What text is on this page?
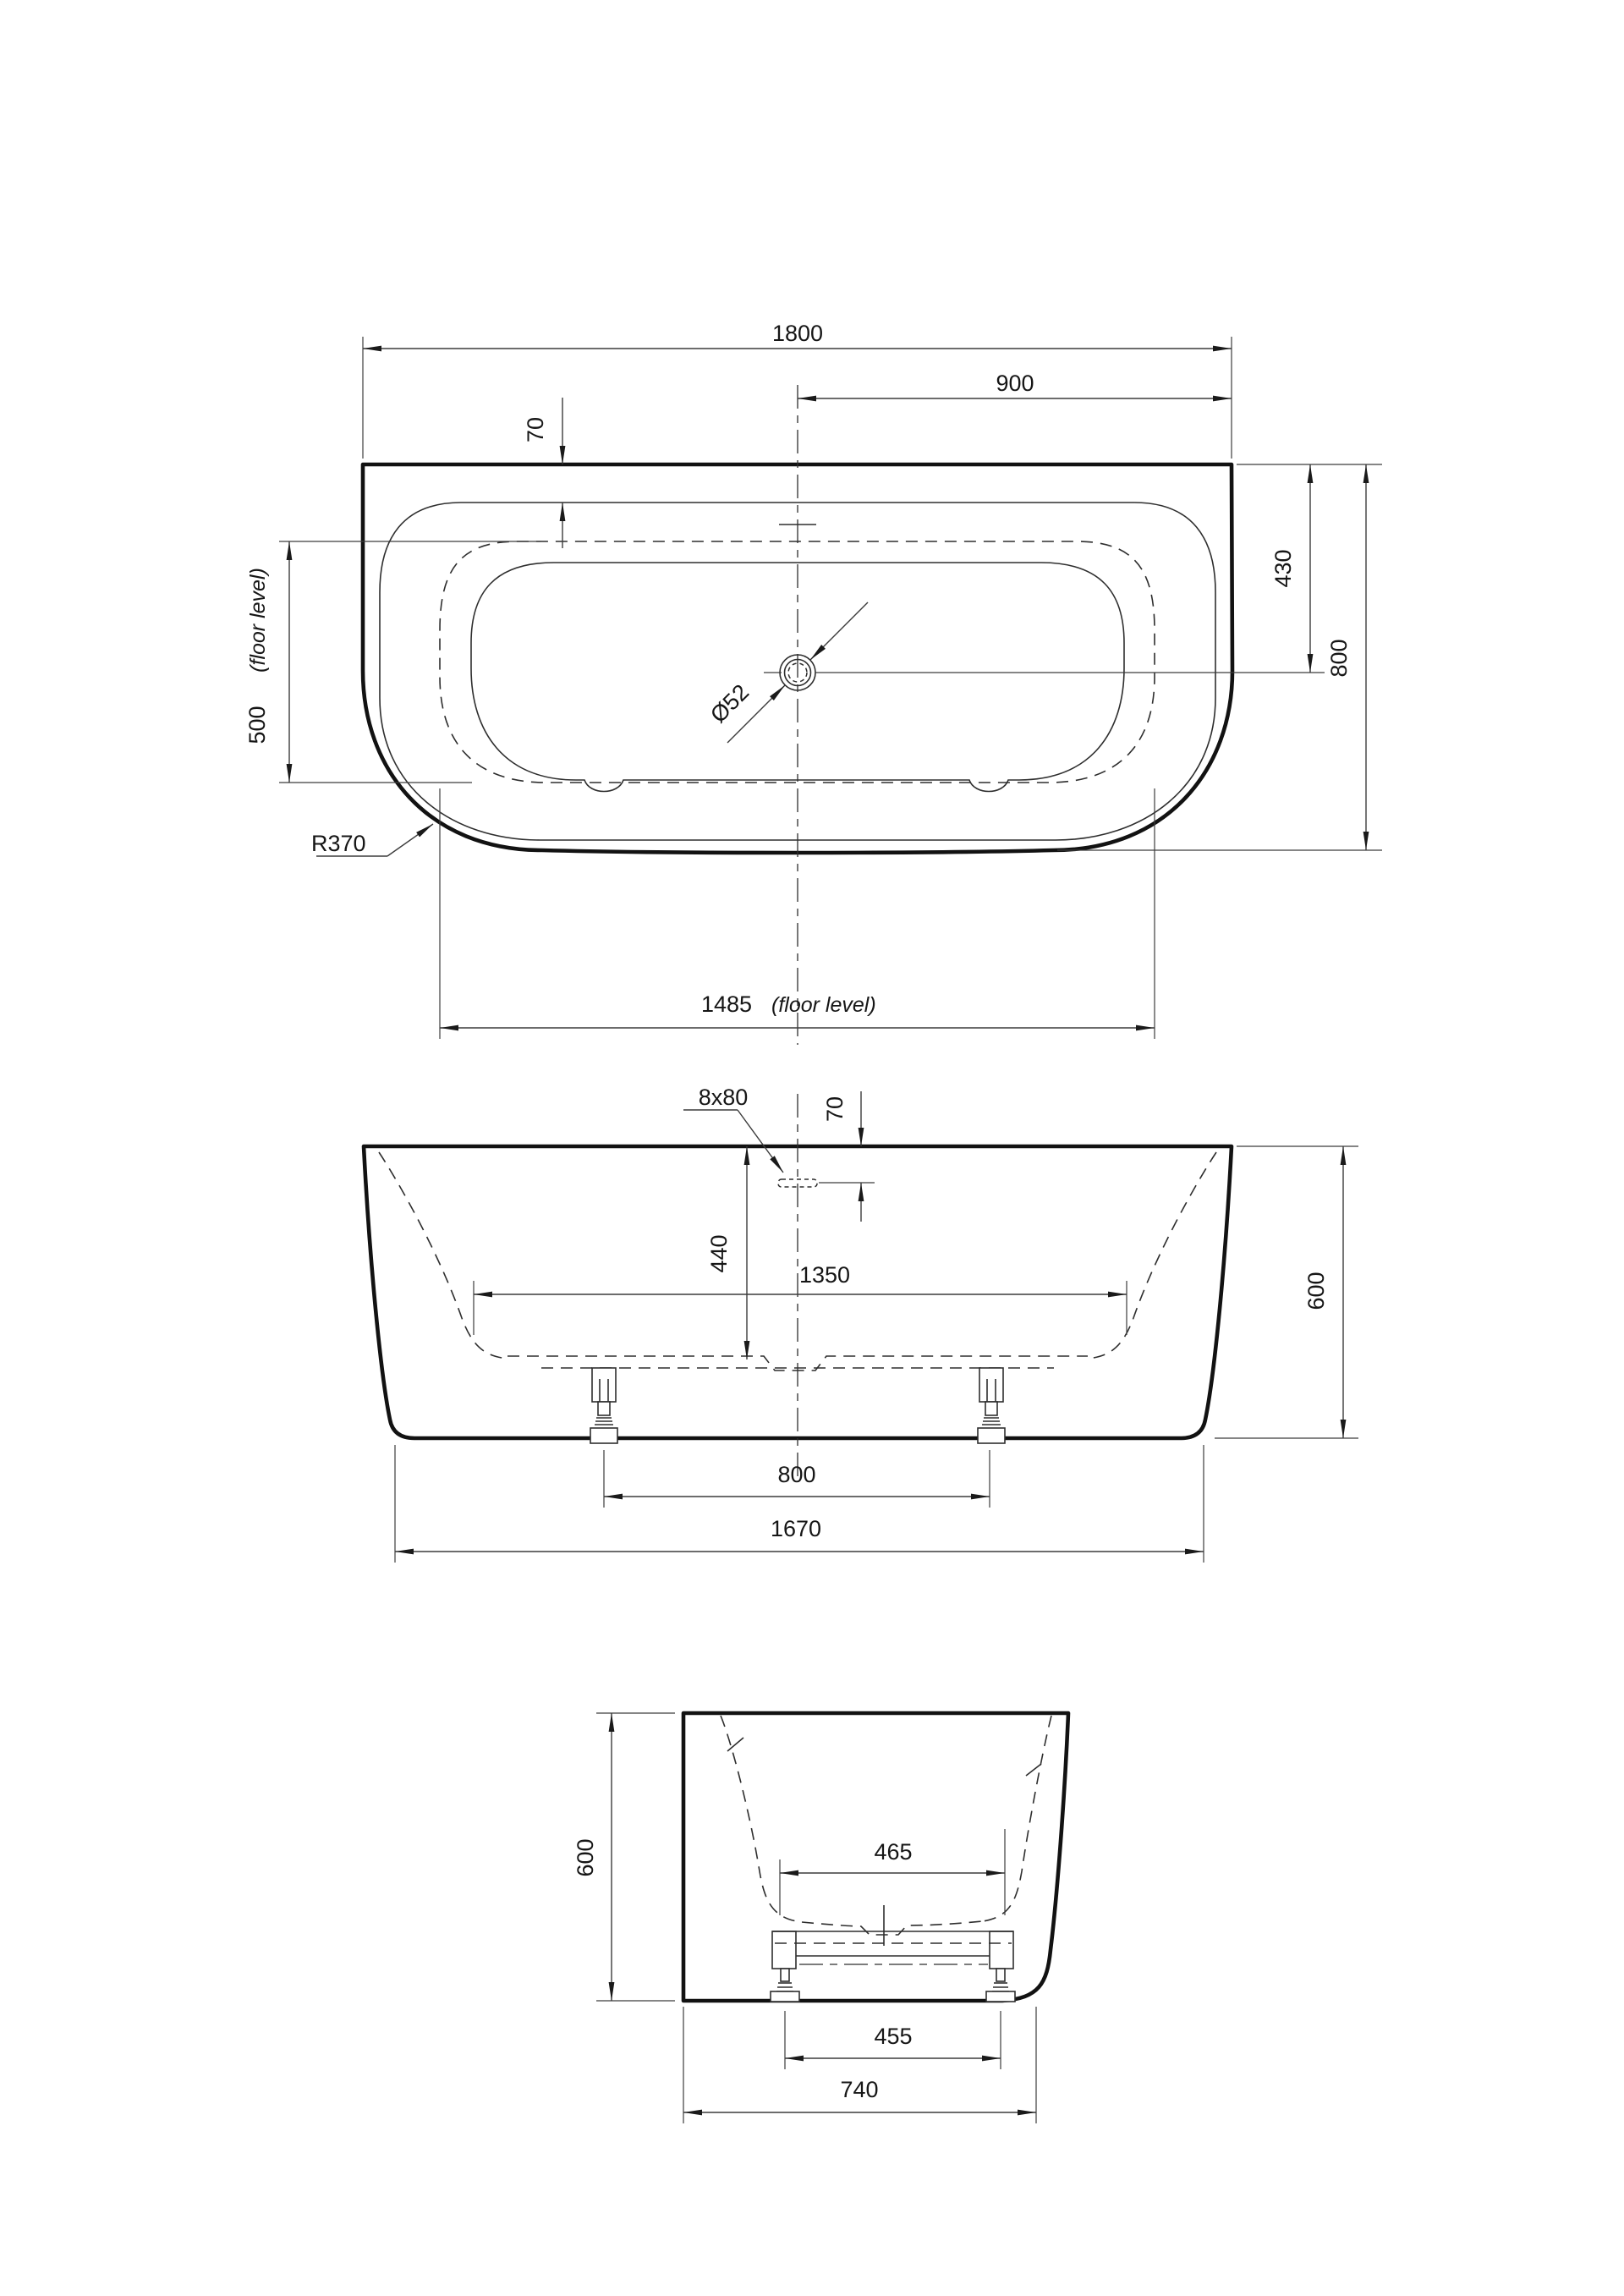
1800
900
70
430
800
500
(floor level)
R370
Ø52
1485 (floor level)
8x80	70
440
1350	600
800
1670
600	465
455
740
